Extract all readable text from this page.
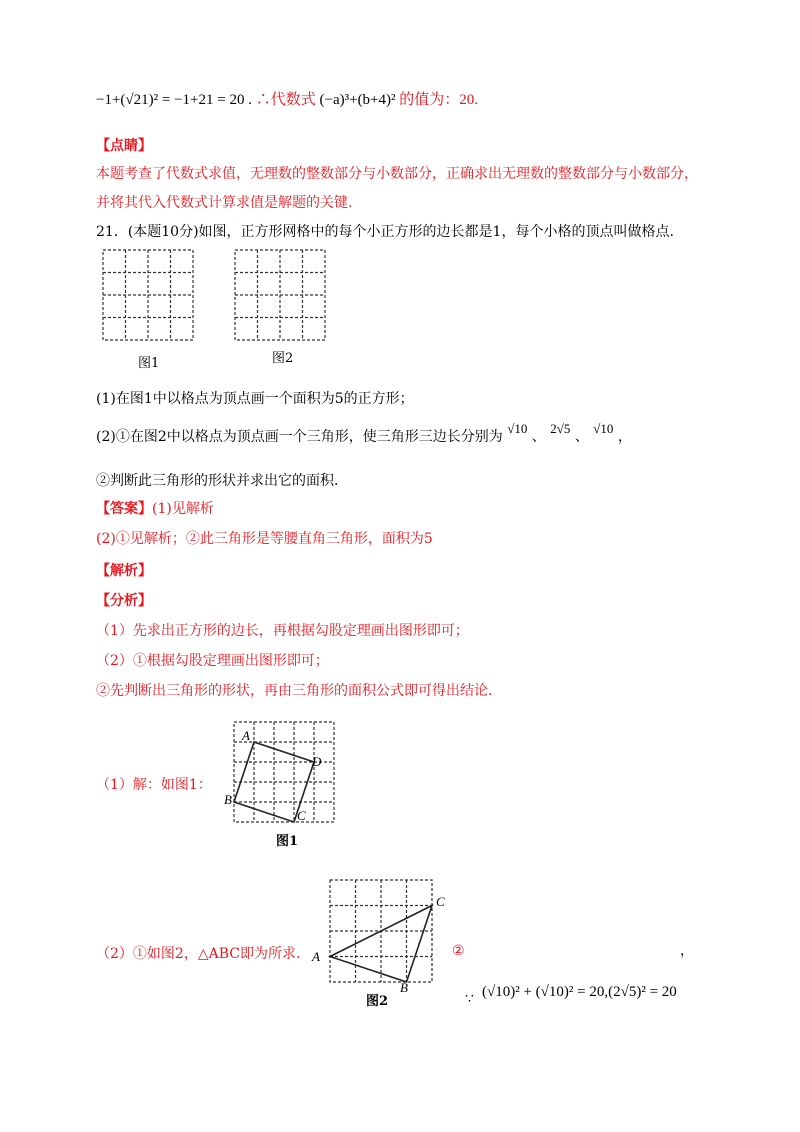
−1+(√21)² = −1+21 = 20 . ∴代数式 (−a)³+(b+4)² 的值为：20.
【点睛】
本题考查了代数式求值，无理数的整数部分与小数部分，正确求出无理数的整数部分与小数部分，
并将其代入代数式计算求值是解题的关键.
21．(本题10分)如图，正方形网格中的每个小正方形的边长都是1，每个小格的顶点叫做格点.
图1	图2
(1)在图1中以格点为顶点画一个面积为5的正方形；
(2)①在图2中以格点为顶点画一个三角形，使三角形三边长分别为 √10 、 2√5 、 √10 ，
②判断此三角形的形状并求出它的面积.
【答案】(1)见解析
(2)①见解析；②此三角形是等腰直角三角形，面积为5
【解析】
【分析】
（1）先求出正方形的边长，再根据勾股定理画出图形即可；
（2）①根据勾股定理画出图形即可；
②先判断出三角形的形状，再由三角形的面积公式即可得出结论.
（1）解：如图1：
A
B
C
D
图1
A
B
C
图2
（2）①如图2，△ABC即为所求.	②	，
∵ (√10)² + (√10)² = 20,(2√5)² = 20
